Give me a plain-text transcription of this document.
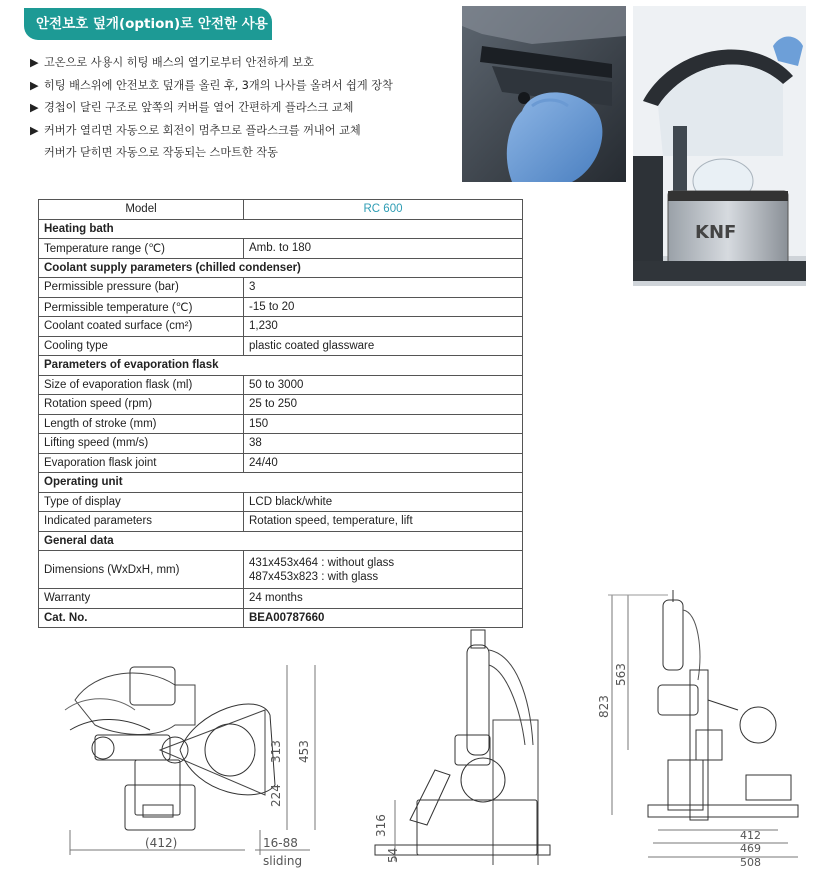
안전보호 덮개(option)로 안전한 사용
▶ 고온으로 사용시 히팅 배스의 열기로부터 안전하게 보호
▶ 히팅 배스위에 안전보호 덮개를 올린 후, 3개의 나사를 올려서 쉽게 장착
▶ 경첩이 달린 구조로 앞쪽의 커버를 열어 간편하게 플라스크 교체
▶ 커버가 열리면 자동으로 회전이 멈추므로 플라스크를 꺼내어 교체
커버가 닫히면 자동으로 작동되는 스마트한 작동
KNF
Model	RC 600
Heating bath	
Temperature range (℃)	Amb. to 180
Coolant supply parameters (chilled condenser)	
Permissible pressure (bar)	3
Permissible temperature (℃)	-15 to 20
Coolant coated surface (cm²)	1,230
Cooling type	plastic coated glassware
Parameters of evaporation flask	
Size of evaporation flask (ml)	50 to 3000
Rotation speed (rpm)	25 to 250
Length of stroke (mm)	150
Lifting speed (mm/s)	38
Evaporation flask joint	24/40
Operating unit	
Type of display	LCD black/white
Indicated parameters	Rotation speed, temperature, lift
General data	
Dimensions (WxDxH, mm)	431x453x464 : without glass
487x453x823 : with glass

Warranty	24 months
Cat. No.	BEA00787660
313 453
224
(412)	16-88
sliding
316
54
823
563
412
469
508
